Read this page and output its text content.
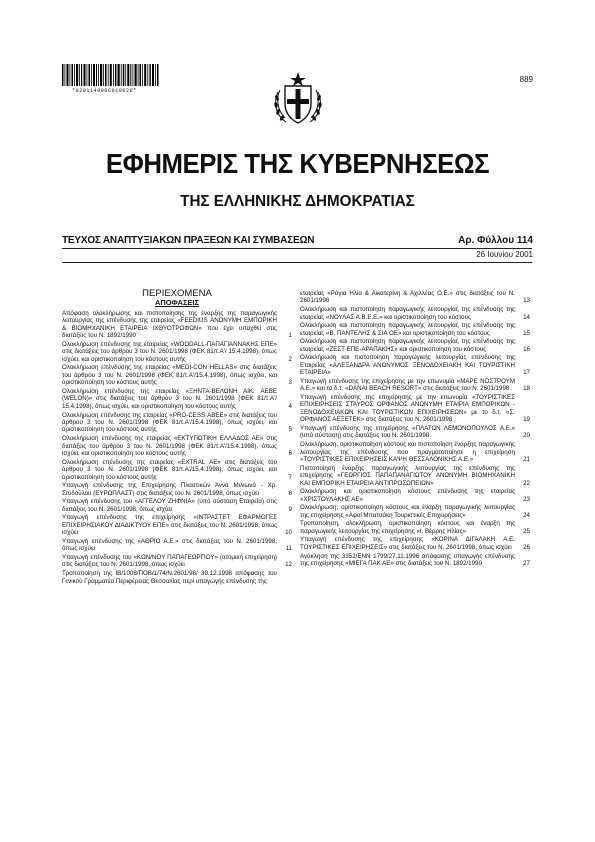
*0201140906010028*
889
ΕΦΗΜΕΡΙΣ ΤΗΣ ΚΥΒΕΡΝΗΣΕΩΣ
ΤΗΣ ΕΛΛΗΝΙΚΗΣ ΔΗΜΟΚΡΑΤΙΑΣ
ΤΕΥΧΟΣ ΑΝΑΠΤΥΞΙΑΚΩΝ ΠΡΑΞΕΩΝ ΚΑΙ ΣΥΜΒΑΣΕΩΝ	Αρ. Φύλλου 114
26 Ιουνίου 2001
ΠΕΡΙΕΧΟΜΕΝΑ
ΑΠΟΦΑΣΕΙΣ
Απόφαση ολοκλήρωσης και πιστοποίησης της έναρξης της παραγωγικής λειτουργίας της επένδυσης της εταιρείας «FEEDIUS ΑΝΩΝΥΜΗ ΕΜΠΟΡΙΚΗ & ΒΙΟΜΗΧΑΝΙΚΗ ΕΤΑΙΡΕΙΑ ΙΧΘΥΟΤΡΟΦΩΝ» που έχει υπαχθεί στις διατάξεις του Ν. 1892/1990	1
Ολοκλήρωση επένδυσης της εταιρείας «WOODALL-ΠΑΠΑΓΙΑΝΝΑΚΗΣ ΕΠΕ» στις διατάξεις του άρθρου 3 του Ν. 2601/1998 (ΦΕΚ 81/τ.Α'/ 15.4.1998), όπως ισχύει, και οριστικοποίηση του κόστους αυτής	2
Ολοκλήρωση επένδυσης της εταιρείας «MEDI-CON HELLAS» στις διατάξεις του άρθρου 3 του Ν. 2601/1998 (ΦΕΚ 81/τ.Α'/15.4.1998), όπως ισχύει, και οριστικοποίηση του κόστους αυτής	3
Ολοκλήρωση επένδυσης της εταιρείας «ΞΗΝΤΑ-ΒΕΛΩΝΗ ΑΙΚ. ΑΕΒΕ (WELON)» στις διατάξεις του άρθρου 3 του Ν. 2601/1998 (ΦΕΚ 81/τ.Α'/ 15.4.1998), όπως ισχύει, και οριστικοποίηση του κόστους αυτής	4
Ολοκλήρωση επένδυσης της εταιρείας «PRO-CESS ΑΒΕΕ» στις διατάξεις του άρθρου 3 του Ν. 2601/1998 (ΦΕΚ 81/τ.Α'/15.4.1998), όπως ισχύει, και οριστικοποίηση του κόστους αυτής	5
Ολοκλήρωση επένδυσης της εταιρείας «ΕΚΤΥΠΩΤΙΚΗ ΕΛΛΑΔΟΣ ΑΕ» στις διατάξεις του άρθρου 3 του Ν. 2601/1998 (ΦΕΚ 81/τ.Α'/15.4.1998), όπως ισχύει, και οριστικοποίηση του κόστους αυτής	6
Ολοκλήρωση επένδυσης της εταιρείας «EXTRAL ΑΕ» στις διατάξεις του άρθρου 3 του Ν. 2601/1998 (ΦΕΚ 81/τ.Α'/15.4.1998), όπως ισχύει, και οριστικοποίηση του κόστους αυτής	7
Υπαγωγή επένδυσης της Επιχείρησης Πλαστικών Άννα Μιλιωνά - Χρ. Στοδούλου (ΕΥΡΩΠΛΑΣΤ) στις διατάξεις του Ν. 2601/1998, όπως ισχύει	8
Υπαγωγή επένδυσης του «ΑΓΓΕΛΟΥ ΖΗΦΝΙΑ» (υπό σύσταση Εταιρεία) στις διατάξεις του Ν. 2601/1998, όπως ισχύει	9
Υπαγωγή επένδυσης της επιχείρησης «ΙΝΤΡΑΣΤΕΤ ΕΦΑΡΜΟΓΕΣ ΕΠΙΧΕΙΡΗΣΙΑΚΟΥ ΔΙΑΔΙΚΤΥΟΥ ΕΠΕ» στις διατάξεις του Ν. 2601/1998, όπως ισχύει	10
Υπαγωγή επένδυσης της «ΑΘΡΙΟ Α.Ε.» στις διατάξεις του Ν. 2601/1998, όπως ισχύει	11
Υπαγωγή επένδυσης του «ΚΩΝ/ΝΟΥ ΠΑΠΑΓΕΩΡΓΙΟΥ» (ατομική επιχείρηση) στις διατάξεις του Ν. 2601/1998, όπως ισχύει	12
Τροποποίηση της ΙΒ/1008/ΠΟΒ/1/74/Ν.2601/98/ 30.12.1998 απόφασης του Γενικού Γραμματέα Περιφέρειας Θεσσαλίας περί υπαγωγής επένδυσης της
εταιρείας «Ράγια Ηλία & Αικατερίνη & Αχιλλέας Ο.Ε.» στις διατάξεις του Ν. 2601/1998	13
Ολοκλήρωση και πιστοποίηση παραγωγικής λειτουργίας της επένδυσης της εταιρείας «ΝΟΥΛΑΣ Α.Β.Ε.Ε.» και οριστικοποίηση του κόστους	14
Ολοκλήρωση και πιστοποίηση παραγωγικής λειτουργίας της επένδυσης της εταιρείας «Β. ΠΑΝΤΕΛΗΣ & ΣΙΑ ΟΕ» και οριστικοποίηση του κόστους	15
Ολοκλήρωση και πιστοποίηση παραγωγικής λειτουργίας της επένδυσης της εταιρείας «ΖΕΣΤ ΕΠΕ-ΑΡΑΠΑΚΗΣ» και οριστικοποίηση του κόστους	16
Ολοκλήρωση και πιστοποίηση παραγωγικής λειτουργίας επένδυσης της Εταιρείας «ΑΛΕΞΑΝΔΡΑ ΑΝΩΝΥΜΟΣ ΞΕΝΟΔΟΧΕΙΑΚΗ ΚΑΙ ΤΟΥΡΙΣΤΙΚΗ ΕΤΑΙΡΕΙΑ»	17
Υπαγωγή επένδυσης της επιχείρησης με την επωνυμία «ΜΑΡΕ ΝΟΣΤΡΟΥΜ Α.Ε.» και το δ.τ. «DANAI BEACH RESORT» στις διατάξεις του Ν. 2601/1998	18
Υπαγωγή επένδυσης της επιχείρησης με την επωνυμία «ΤΟΥΡΙΣΤΙΚΕΣ ΕΠΙΧΕΙΡΗΣΕΙΣ ΣΤΑΥΡΟΣ ΟΡΦΑΝΟΣ ΑΝΩΝΥΜΗ ΕΤΑΙΡΙΑ ΕΜΠΟΡΙΚΩΝ - ΞΕΝΟΔΟΧΕΙΑΚΩΝ ΚΑΙ ΤΟΥΡΙΣΤΙΚΩΝ ΕΠΙΧΕΙΡΗΣΕΩΝ» με το δ.τ. «Σ. ΟΡΦΑΝΟΣ ΑΕΞΕΤΕΚ» στις διατάξεις του Ν. 2601/1998	19
Υπαγωγή επένδυσης της επιχείρησης «ΠΛΑΤΩΝ ΛΕΜΟΝΟΠΟΥΛΟΣ Α.Ε.» (υπό σύσταση) στις διατάξεις του Ν. 2601/1998	20
Ολοκλήρωση, οριστικοποίηση κόστους και πιστοποίηση έναρξης παραγωγικής λειτουργίας της επένδυσης που πραγματοποίησε η επιχείρηση «ΤΟΥΡΙΣΤΙΚΕΣ ΕΠΙΧΕΙΡΗΣΕΙΣ ΚΑΨΗ ΘΕΣΣΑΛΟΝΙΚΗΣ Α.Ε.»	21
Πιστοποίηση έναρξης παραγωγικής λειτουργίας της επένδυσης της επιχείρησης «ΓΕΩΡΓΙΟΣ ΠΑΠΑΠΑΝΑΓΙΩΤΟΥ ΑΝΩΝΥΜΗ ΒΙΟΜΗΧΑΝΙΚΗ ΚΑΙ ΕΜΠΟΡΙΚΗ ΕΤΑΙΡΕΙΑ ΑΝΤΙΠΡΟΣΩΠΕΙΩΝ»	22
Ολοκλήρωση και οριστικοποίηση κόστους επένδυσης της εταιρείας «ΧΡΙΣΤΟΥΛΑΚΗΣ ΑΕ»	23
Ολοκλήρωση, οριστικοποίηση κόστους και έναρξη παραγωγικής λειτουργίας της επιχείρησης «Αφοί Μπατσάκη Τουριστικές Επιχειρήσεις»	24
Τροποποίηση, ολοκλήρωση, οριστικοποίηση κόστους και έναρξη της παραγωγικής λειτουργίας της επιχείρησης «Ι. Βέρρης Ηλίας»	25
Υπαγωγή επένδυσης της επιχείρησης «ΚΟΡΙΝΑ ΔΙΓΑΛΑΚΗ Α.Ε. ΤΟΥΡΙΣΤΙΚΕΣ ΕΠΙΧΕΙΡΗΣΕΙΣ» στις διατάξεις του Ν. 2601/1998, όπως ισχύει	26
Ανάκληση της 3352/ΕΝΝ 1799/27.11.1996 απόφασης υπαγωγής επένδυσης της επιχείρησης «ΜΙΕΓΑ ΠΑΚ ΑΕ» στις διατάξεις του Ν. 1892/1990	27
